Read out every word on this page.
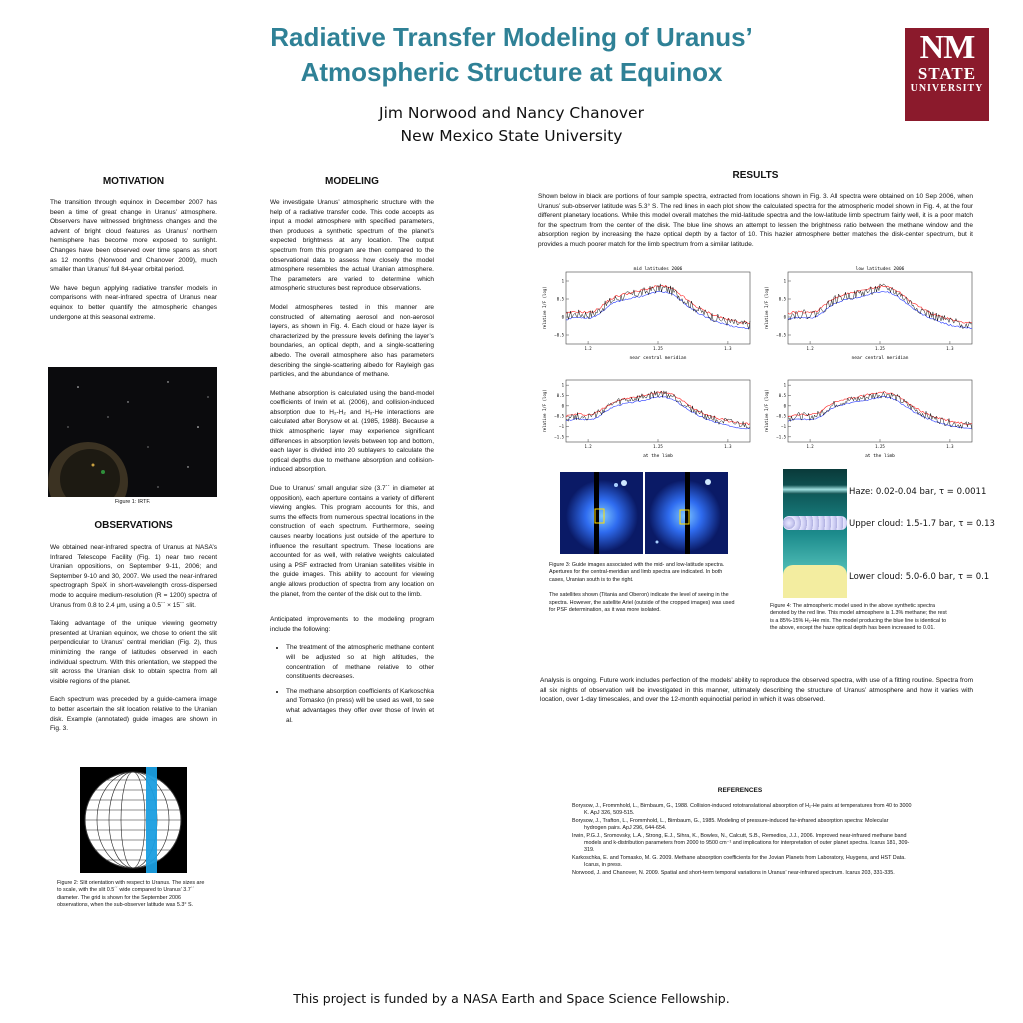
Radiative Transfer Modeling of Uranus’
Atmospheric Structure at Equinox
Jim Norwood and Nancy Chanover
New Mexico State University
NM
STATE
UNIVERSITY
MOTIVATION

The transition through equinox in December 2007 has been a time of great change in Uranus’ atmosphere. Observers have witnessed brightness changes and the advent of bright cloud features as Uranus’ northern hemisphere has become more exposed to sunlight. Changes have been observed over time spans as short as 12 months (Norwood and Chanover 2009), much smaller than Uranus’ full 84-year orbital period.

We have begun applying radiative transfer models in comparisons with near-infrared spectra of Uranus near equinox to better quantify the atmospheric changes undergone at this seasonal extreme.

Figure 1: IRTF.
OBSERVATIONS

We obtained near-infrared spectra of Uranus at NASA’s Infrared Telescope Facility (Fig. 1) near two recent Uranian oppositions, on September 9-11, 2006; and September 9-10 and 30, 2007. We used the near-infrared spectrograph SpeX in short-wavelength cross-dispersed mode to acquire medium-resolution (R = 1200) spectra of Uranus from 0.8 to 2.4 µm, using a 0.5´´ × 15´´ slit.

Taking advantage of the unique viewing geometry presented at Uranian equinox, we chose to orient the slit perpendicular to Uranus’ central meridian (Fig. 2), thus minimizing the range of latitudes observed in each individual spectrum. With this orientation, we stepped the slit across the Uranian disk to obtain spectra from all visible regions of the planet.

Each spectrum was preceded by a guide-camera image to better ascertain the slit location relative to the Uranian disk. Example (annotated) guide images are shown in Fig. 3.

Figure 2: Slit orientation with respect to Uranus. The sizes are to scale, with the slit 0.5´´ wide compared to Uranus’ 3.7´´ diameter. The grid is shown for the September 2006 observations, when the sub-observer latitude was 5.3° S.
MODELING

We investigate Uranus’ atmospheric structure with the help of a radiative transfer code. This code accepts as input a model atmosphere with specified parameters, then produces a synthetic spectrum of the planet’s expected brightness at any location. The output spectrum from this program are then compared to the observational data to assess how closely the model atmosphere resembles the actual Uranian atmosphere. The parameters are varied to determine which atmospheric structures best reproduce observations.

Model atmospheres tested in this manner are constructed of alternating aerosol and non-aerosol layers, as shown in Fig. 4. Each cloud or haze layer is characterized by the pressure levels defining the layer’s boundaries, an optical depth, and a single-scattering albedo. The overall atmosphere also has parameters describing the single-scattering albedo for Rayleigh gas particles, and the abundance of methane.

Methane absorption is calculated using the band-model coefficients of Irwin et al. (2006), and collision-induced absorption due to H₂-H₂ and H₂-He interactions are calculated after Borysow et al. (1985, 1988). Because a thick atmospheric layer may experience significant differences in absorption levels between top and bottom, each layer is divided into 20 sublayers to calculate the optical depths due to methane absorption and collision-induced absorption.

Due to Uranus’ small angular size (3.7´´ in diameter at opposition), each aperture contains a variety of different viewing angles. This program accounts for this, and sums the effects from numerous spectral locations in the construction of each spectrum. Furthermore, seeing causes nearby locations just outside of the aperture to influence the resultant spectrum. These locations are accounted for as well, with relative weights calculated using a PSF extracted from Uranian satellites visible in the guide images. This ability to account for viewing angle allows production of spectra from any location on the planet, from the center of the disk out to the limb.

Anticipated improvements to the modeling program include the following:

• The treatment of the atmospheric methane content will be adjusted so at high altitudes, the concentration of methane relative to other constituents decreases.
• The methane absorption coefficients of Karkoschka and Tomasko (in press) will be used as well, to see what advantages they offer over those of Irwin et al.
RESULTS
Shown below in black are portions of four sample spectra, extracted from locations shown in Fig. 3. All spectra were obtained on 10 Sep 2006, when Uranus’ sub-observer latitude was 5.3° S. The red lines in each plot show the calculated spectra for the atmospheric model shown in Fig. 4, at the four different planetary locations. While this model overall matches the mid-latitude spectra and the low-latitude limb spectrum fairly well, it is a poor match for the spectrum from the center of the disk. The blue line shows an attempt to lessen the brightness ratio between the methane window and the absorption region by increasing the haze optical depth by a factor of 10. This hazier atmosphere better matches the disk-center spectrum, but it provides a much poorer match for the limb spectrum from a similar latitude.
mid latitudes 2006
near central meridian
relative I/F (log)
1
0.5
0
−0.5
1.2	1.25	1.3
low latitudes 2006
near central meridian
relative I/F (log)
1
0.5
0
−0.5
1.2	1.25	1.3
at the limb
relative I/F (log)
1
0.5
0
−0.5
−1
−1.5
1.2	1.25	1.3
at the limb
relative I/F (log)
1
0.5
0
−0.5
−1
−1.5
1.2	1.25	1.3
Figure 3: Guide images associated with the mid- and low-latitude spectra. Apertures for the central-meridian and limb spectra are indicated. In both cases, Uranian south is to the right.
The satellites shown (Titania and Oberon) indicate the level of seeing in the spectra. However, the satellite Ariel (outside of the cropped images) was used for PSF determination, as it was more isolated.
Haze: 0.02-0.04 bar, τ = 0.0011
Upper cloud: 1.5-1.7 bar, τ = 0.13
Lower cloud: 5.0-6.0 bar, τ = 0.1
Figure 4: The atmospheric model used in the above synthetic spectra denoted by the red line. This model atmosphere is 1.3% methane; the rest is a 85%-15% H₂-He mix. The model producing the blue line is identical to the above, except the haze optical depth has been increased to 0.01.
Analysis is ongoing. Future work includes perfection of the models’ ability to reproduce the observed spectra, with use of a fitting routine. Spectra from all six nights of observation will be investigated in this manner, ultimately describing the structure of Uranus’ atmosphere and how it varies with location, over 1-day timescales, and over the 12-month equinoctial period in which it was observed.
REFERENCES
Borysow, J., Frommhold, L., Birnbaum, G., 1988. Collision-induced rototranslational absorption of H₂-He pairs at temperatures from 40 to 3000 K. ApJ 326, 509-515.
Borysow, J., Trafton, L., Frommhold, L., Birnbaum, G., 1985. Modeling of pressure-induced far-infrared absorption spectra: Molecular hydrogen pairs. ApJ 296, 644-654.
Irwin, P.G.J., Sromovsky, L.A., Strong, E.J., Sihra, K., Bowles, N., Calcutt, S.B., Remedios, J.J., 2006. Improved near-infrared methane band models and k-distribution parameters from 2000 to 9500 cm⁻¹ and implications for interpretation of outer planet spectra. Icarus 181, 309-319.
Karkoschka, E. and Tomasko, M. G. 2009. Methane absorption coefficients for the Jovian Planets from Laboratory, Huygens, and HST Data. Icarus, in press.
Norwood, J. and Chanover, N. 2009. Spatial and short-term temporal variations in Uranus’ near-infrared spectrum. Icarus 203, 331-335.
This project is funded by a NASA Earth and Space Science Fellowship.
